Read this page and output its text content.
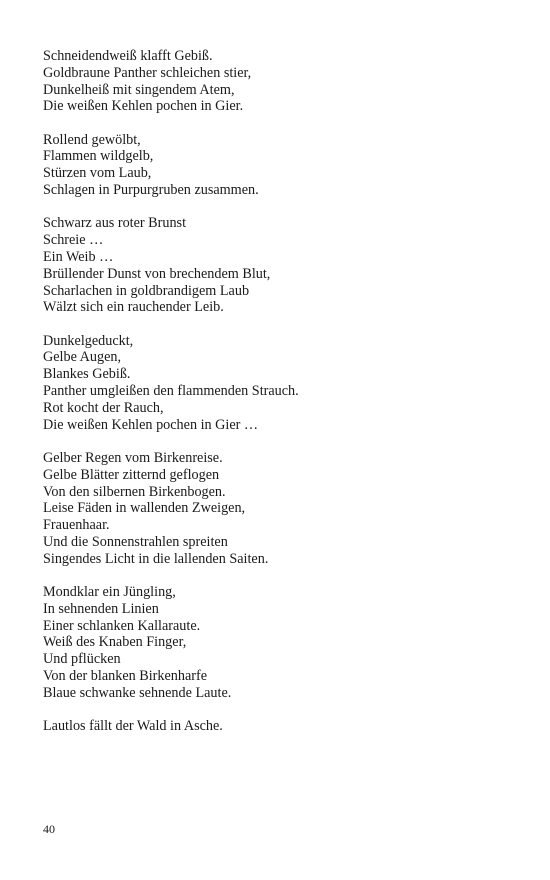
Schneidendweiß klafft Gebiß.
Goldbraune Panther schleichen stier,
Dunkelheiß mit singendem Atem,
Die weißen Kehlen pochen in Gier.
Rollend gewölbt,
Flammen wildgelb,
Stürzen vom Laub,
Schlagen in Purpurgruben zusammen.
Schwarz aus roter Brunst
Schreie …
Ein Weib …
Brüllender Dunst von brechendem Blut,
Scharlachen in goldbrandigem Laub
Wälzt sich ein rauchender Leib.
Dunkelgeduckt,
Gelbe Augen,
Blankes Gebiß.
Panther umgleißen den flammenden Strauch.
Rot kocht der Rauch,
Die weißen Kehlen pochen in Gier …
Gelber Regen vom Birkenreise.
Gelbe Blätter zitternd geflogen
Von den silbernen Birkenbogen.
Leise Fäden in wallenden Zweigen,
Frauenhaar.
Und die Sonnenstrahlen spreiten
Singendes Licht in die lallenden Saiten.
Mondklar ein Jüngling,
In sehnenden Linien
Einer schlanken Kallaraute.
Weiß des Knaben Finger,
Und pflücken
Von der blanken Birkenharfe
Blaue schwanke sehnende Laute.
Lautlos fällt der Wald in Asche.
40
